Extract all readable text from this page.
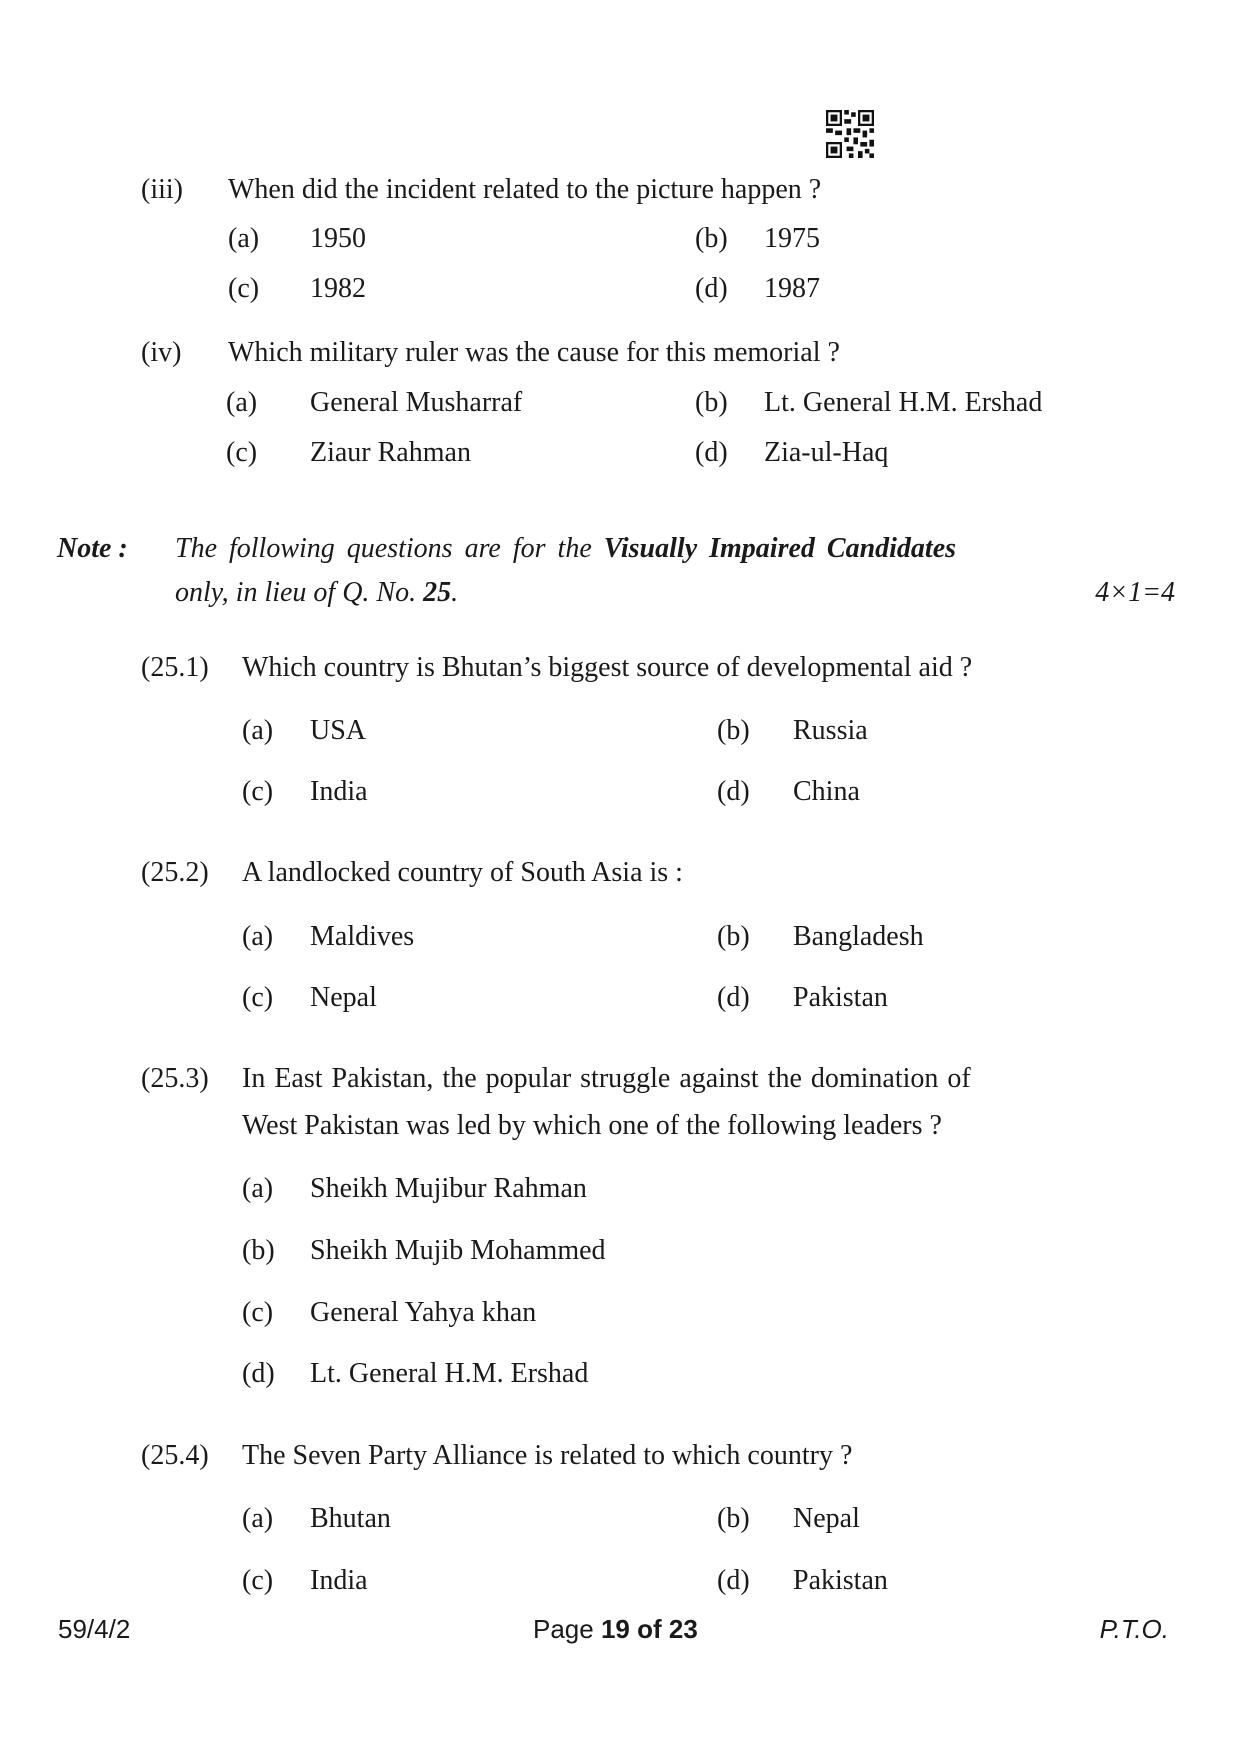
(iii) When did the incident related to the picture happen ?
(a) 1950	(b) 1975
(c) 1982	(d) 1987
(iv) Which military ruler was the cause for this memorial ?
(a) General Musharraf	(b) Lt. General H.M. Ershad
(c) Ziaur Rahman	(d) Zia-ul-Haq
Note : The following questions are for the Visually Impaired Candidates
only, in lieu of Q. No. 25.	4×1=4
(25.1) Which country is Bhutan’s biggest source of developmental aid ?
(a) USA	(b) Russia
(c) India	(d) China
(25.2) A landlocked country of South Asia is :
(a) Maldives	(b) Bangladesh
(c) Nepal	(d) Pakistan
(25.3) In East Pakistan, the popular struggle against the domination of
West Pakistan was led by which one of the following leaders ?
(a) Sheikh Mujibur Rahman
(b) Sheikh Mujib Mohammed
(c) General Yahya khan
(d) Lt. General H.M. Ershad
(25.4) The Seven Party Alliance is related to which country ?
(a) Bhutan	(b) Nepal
(c) India	(d) Pakistan
59/4/2	Page 19 of 23	P.T.O.
